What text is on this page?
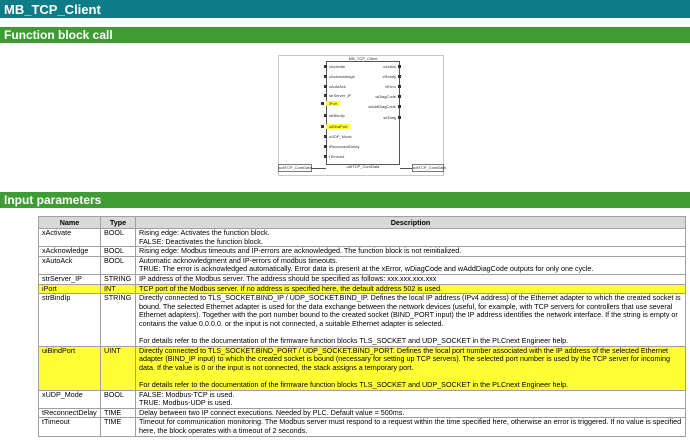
MB_TCP_Client
Function block call
MB_TCP_Client
xActivate
xAcknowledge
xAutoAck
strServer_IP
iPort
strBindIp
uiBindPort
xUDP_Mode
tReconnectDelay
tTimeout
xActive
xReady
xError
wDiagCode
wAddDiagCode
strDiag
udtTCP_ComData	udtTCP_ComData	udtTCP_ComData
Input parameters
Name	Type	Description
xActivate	BOOL	Rising edge: Activates the function block.
FALSE: Deactivates the function block.
xAcknowledge	BOOL	Rising edge: Modbus timeouts and IP-errors are acknowledged. The function block is not reinitialized.
xAutoAck	BOOL	Automatic acknowledgment and IP-errors of modbus timeouts.
TRUE: The error is acknowledged automatically. Error data is present at the xError, wDiagCode and wAddDiagCode outputs for only one cycle.
strServer_IP	STRING	IP address of the Modbus server. The address should be specified as follows: xxx.xxx.xxx.xxx
iPort	INT	TCP port of the Modbus server. If no address is specified here, the default address 502 is used.
strBindIp	STRING	Directly connected to TLS_SOCKET.BIND_IP / UDP_SOCKET.BIND_IP. Defines the local IP address (IPv4 address) of the Ethernet adapter to which the created socket is bound. The selected Ethernet adapter is used for the data exchange between the network devices (useful, for example, with TCP servers for controllers that use several Ethernet adapters). Together with the port number bound to the created socket (BIND_PORT input) the IP address identifies the network interface. If the string is empty or contains the value 0.0.0.0. or the input is not connected, a suitable Ethernet adapter is selected.

For details refer to the documentation of the firmware function blocks TLS_SOCKET and UDP_SOCKET in the PLCnext Engineer help.
uiBindPort	UINT	Directly connected to TLS_SOCKET.BIND_PORT / UDP_SOCKET.BIND_PORT. Defines the local port number associated with the IP address of the selected Ethernet adapter (BIND_IP input) to which the created socket is bound (necessary for setting up TCP servers). The selected port number is used by the TCP server for incoming data. If the value is 0 or the input is not connected, the stack assigns a temporary port.

For details refer to the documentation of the firmware function blocks TLS_SOCKET and UDP_SOCKET in the PLCnext Engineer help.
xUDP_Mode	BOOL	FALSE: Modbus-TCP is used.
TRUE: Modbus-UDP is used.
tReconnectDelay	TIME	Delay between two IP connect executions. Needed by PLC. Default value = 500ms.
tTimeout	TIME	Timeout for communication monitoring. The Modbus server must respond to a request within the time specified here, otherwise an error is triggered. If no value is specified here, the block operates with a timeout of 2 seconds.
